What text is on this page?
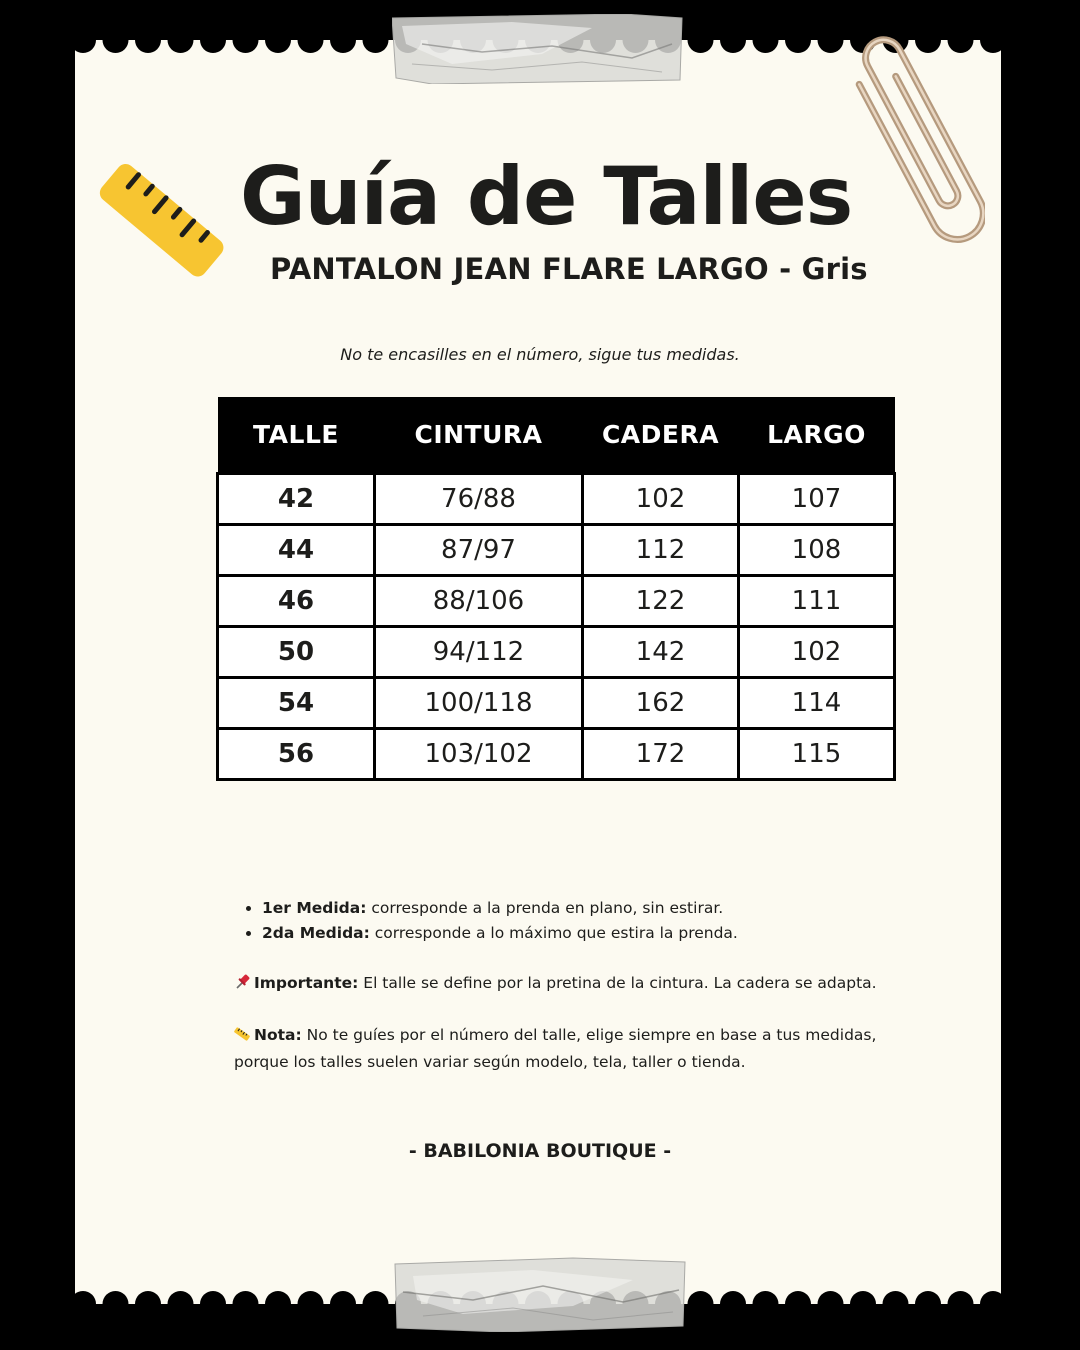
Guía de Talles
PANTALON JEAN FLARE LARGO - Gris
No te encasilles en el número, sigue tus medidas.
TALLE	CINTURA	CADERA	LARGO
42	76/88	102	107
44	87/97	112	108
46	88/106	122	111
50	94/112	142	102
54	100/118	162	114
56	103/102	172	115
• 1er Medida: corresponde a la prenda en plano, sin estirar.
• 2da Medida: corresponde a lo máximo que estira la prenda.

Importante: El talle se define por la pretina de la cintura. La cadera se adapta.

Nota: No te guíes por el número del talle, elige siempre en base a tus medidas, porque los talles suelen variar según modelo, tela, taller o tienda.

- BABILONIA BOUTIQUE -
